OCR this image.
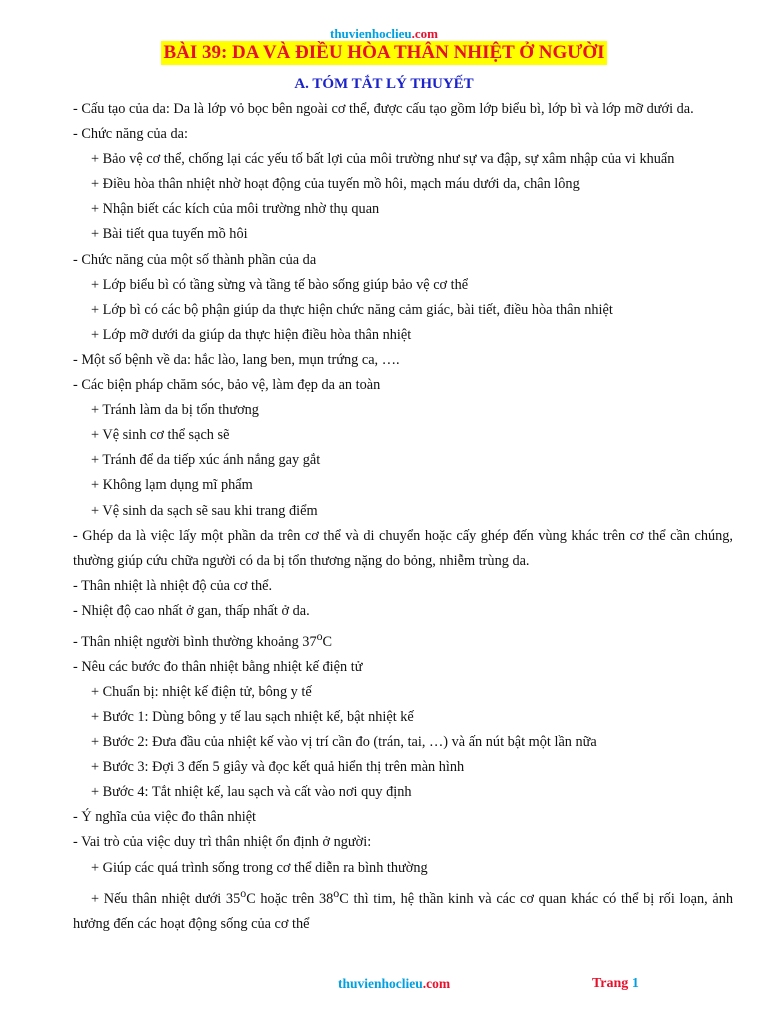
thuvienhoclieu.com
BÀI 39: DA VÀ ĐIỀU HÒA THÂN NHIỆT Ở NGƯỜI
A. TÓM TẮT LÝ THUYẾT

- Cấu tạo của da: Da là lớp vỏ bọc bên ngoài cơ thể, được cấu tạo gồm lớp biểu bì, lớp bì và lớp mỡ dưới da.

- Chức năng của da:

+ Bảo vệ cơ thể, chống lại các yếu tố bất lợi của môi trường như sự va đập, sự xâm nhập của vi khuẩn

+ Điều hòa thân nhiệt nhờ hoạt động của tuyến mồ hôi, mạch máu dưới da, chân lông

+ Nhận biết các kích của môi trường nhờ thụ quan

+ Bài tiết qua tuyến mồ hôi

- Chức năng của một số thành phần của da

+ Lớp biểu bì có tầng sừng và tầng tế bào sống giúp bảo vệ cơ thể

+ Lớp bì có các bộ phận giúp da thực hiện chức năng cảm giác, bài tiết, điều hòa thân nhiệt

+ Lớp mỡ dưới da giúp da thực hiện điều hòa thân nhiệt

- Một số bệnh về da: hắc lào, lang ben, mụn trứng ca, ….

- Các biện pháp chăm sóc, bảo vệ, làm đẹp da an toàn

+ Tránh làm da bị tổn thương

+ Vệ sinh cơ thể sạch sẽ

+ Tránh để da tiếp xúc ánh nắng gay gắt

+ Không lạm dụng mĩ phẩm

+ Vệ sinh da sạch sẽ sau khi trang điểm

- Ghép da là việc lấy một phần da trên cơ thể và di chuyển hoặc cấy ghép đến vùng khác trên cơ thể cần chúng, thường giúp cứu chữa người có da bị tổn thương nặng do bỏng, nhiễm trùng da.

- Thân nhiệt là nhiệt độ của cơ thể.

- Nhiệt độ cao nhất ở gan, thấp nhất ở da.

- Thân nhiệt người bình thường khoảng 37$^o$C

- Nêu các bước đo thân nhiệt bằng nhiệt kế điện tử

+ Chuẩn bị: nhiệt kế điện tử, bông y tế

+ Bước 1: Dùng bông y tế lau sạch nhiệt kế, bật nhiệt kế

+ Bước 2: Đưa đầu của nhiệt kế vào vị trí cần đo (trán, tai, …) và ấn nút bật một lần nữa

+ Bước 3: Đợi 3 đến 5 giây và đọc kết quả hiển thị trên màn hình

+ Bước 4: Tắt nhiệt kế, lau sạch và cất vào nơi quy định

- Ý nghĩa của việc đo thân nhiệt

- Vai trò của việc duy trì thân nhiệt ổn định ở người:

+ Giúp các quá trình sống trong cơ thể diễn ra bình thường

+ Nếu thân nhiệt dưới 35$^o$C hoặc trên 38$^o$C thì tim, hệ thần kinh và các cơ quan khác có thể bị rối loạn, ảnh hưởng đến các hoạt động sống của cơ thể

thuvienhoclieu.com	Trang 1
